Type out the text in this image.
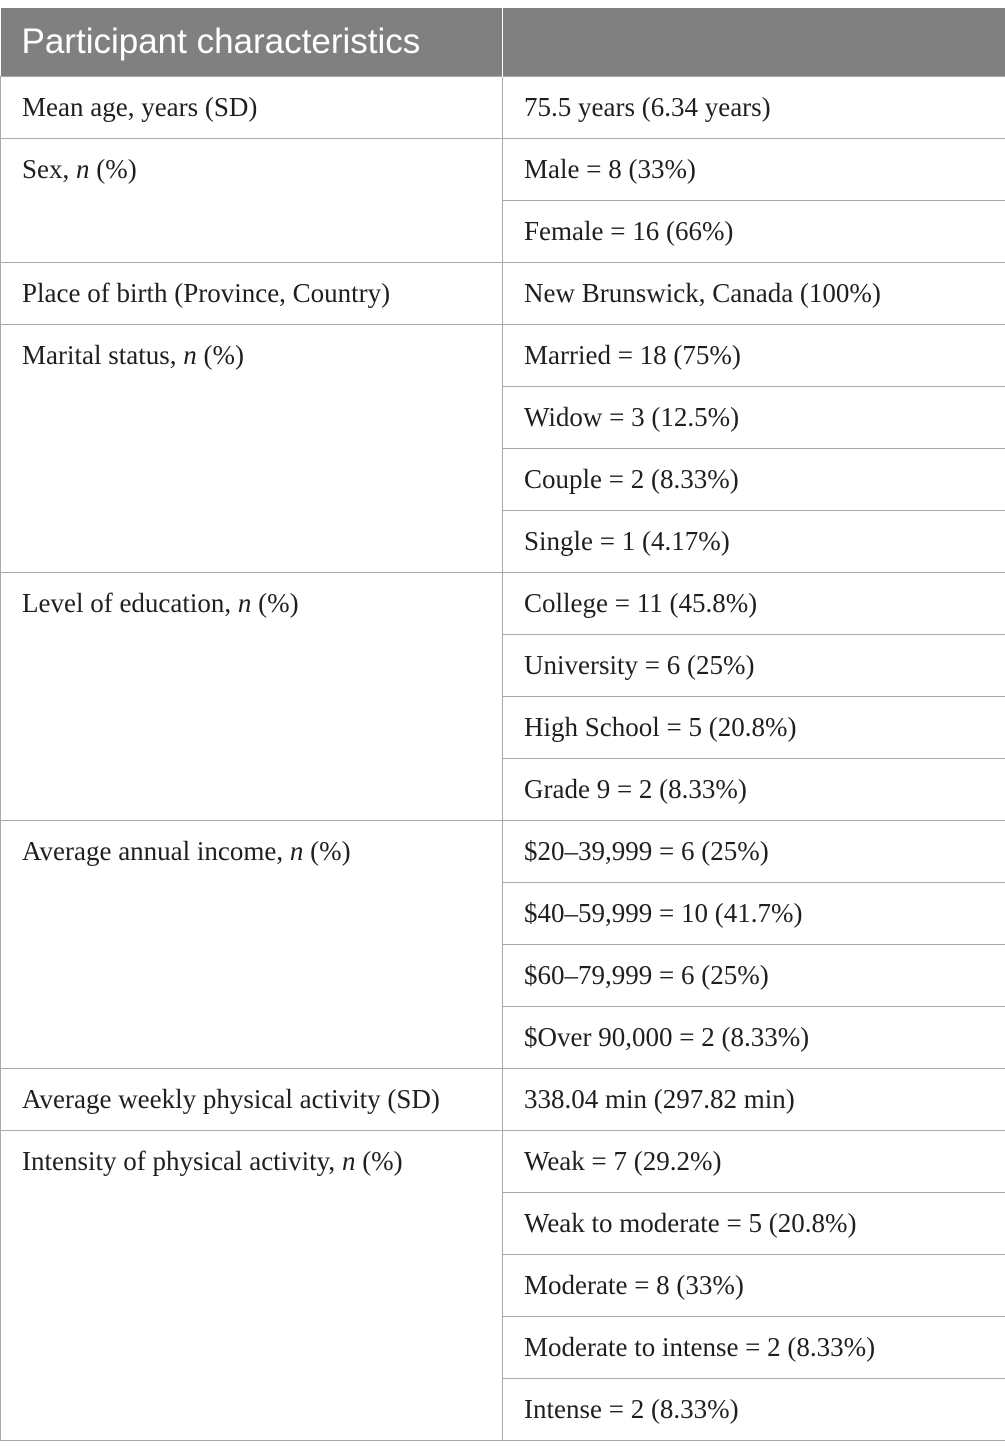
Participant characteristics	
Mean age, years (SD)	75.5 years (6.34 years)
Sex, n (%)	Male = 8 (33%)
	Female = 16 (66%)
Place of birth (Province, Country)	New Brunswick, Canada (100%)
Marital status, n (%)	Married = 18 (75%)
	Widow = 3 (12.5%)
	Couple = 2 (8.33%)
	Single = 1 (4.17%)
Level of education, n (%)	College = 11 (45.8%)
	University = 6 (25%)
	High School = 5 (20.8%)
	Grade 9 = 2 (8.33%)
Average annual income, n (%)	$20–39,999 = 6 (25%)
	$40–59,999 = 10 (41.7%)
	$60–79,999 = 6 (25%)
	$Over 90,000 = 2 (8.33%)
Average weekly physical activity (SD)	338.04 min (297.82 min)
Intensity of physical activity, n (%)	Weak = 7 (29.2%)
	Weak to moderate = 5 (20.8%)
	Moderate = 8 (33%)
	Moderate to intense = 2 (8.33%)
	Intense = 2 (8.33%)
